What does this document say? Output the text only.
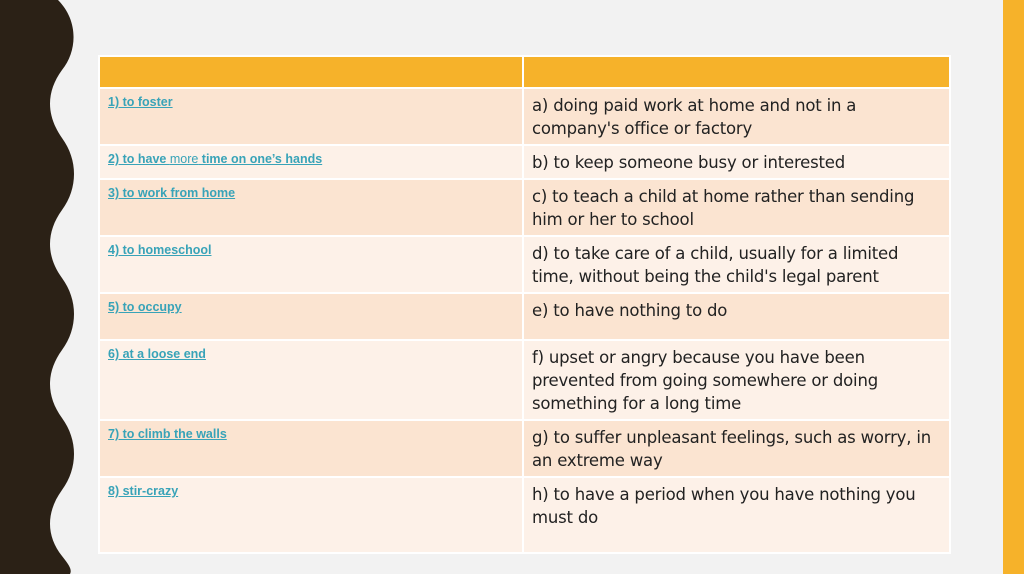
1) to foster	a) doing paid work at home and not in a company's office or factory

2) to have more time on one’s hands	b) to keep someone busy or interested

3) to work from home	c) to teach a child at home rather than sending him or her to school

4) to homeschool	d) to take care of a child, usually for a limited time, without being the child's legal parent

5) to occupy	e) to have nothing to do

6) at a loose end	f) upset or angry because you have been prevented from going somewhere or doing something for a long time

7) to climb the walls	g) to suffer unpleasant feelings, such as worry, in an extreme way

8) stir-crazy	h) to have a period when you have nothing you must do
